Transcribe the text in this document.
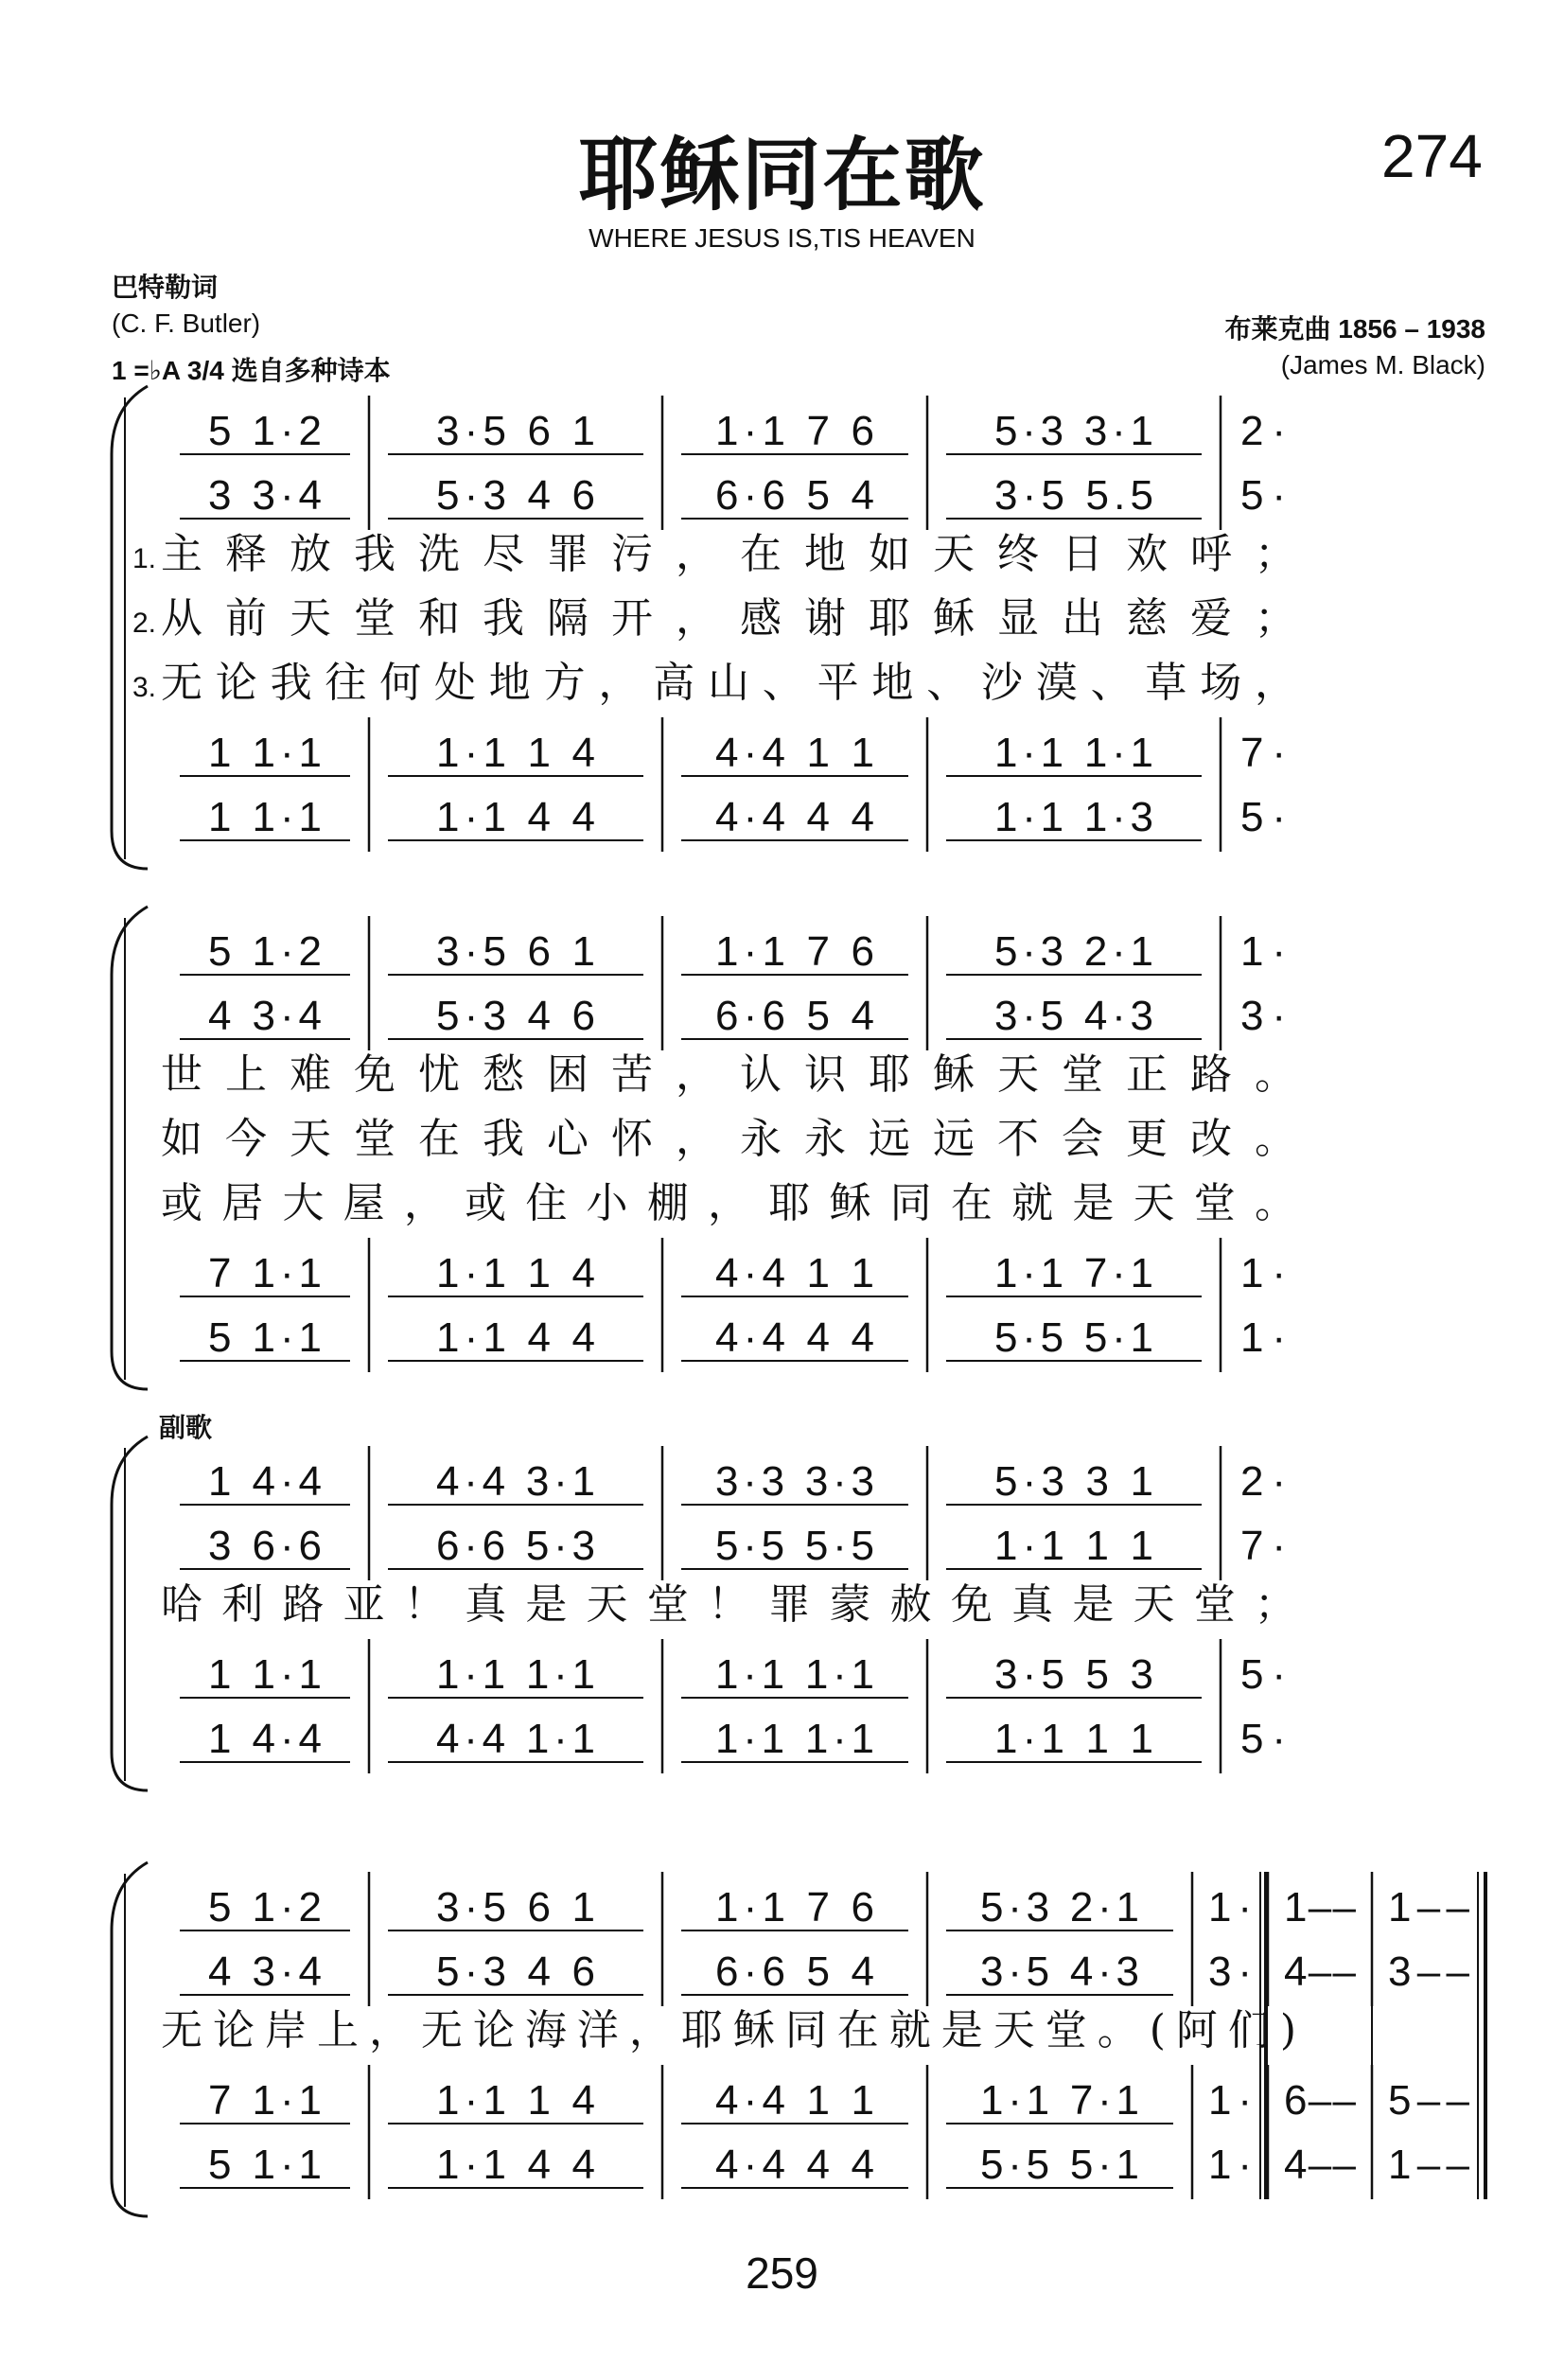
耶稣同在歌	274
WHERE JESUS IS,TIS HEAVEN
巴特勒词
(C. F. Butler)
1 =♭A 3/4 选自多种诗本
布莱克曲 1856 – 1938
(James M. Black)
5 1·2	3·5 6 1	1·1 7 6	5·3 3·1 2·
3 3·4	5·3 4 6	6·6 5 4	3·5 5.5 5·
1 1·1	1·1 1 4	4·4 1 1	1·1 1·1 7·
1 1·1	1·1 4 4	4·4 4 4	1·1 1·3 5·
1. 主释放我洗尽罪污，在地如天终日欢呼；
2. 从前天堂和我隔开，感谢耶稣显出慈爱；
3. 无论我往何处地方，高山、平地、沙漠、草场，
5 1·2	3·5 6 1	1·1 7 6	5·3 2·1 1·
4 3·4	5·3 4 6	6·6 5 4	3·5 4·3 3·
7 1·1	1·1 1 4	4·4 1 1	1·1 7·1 1·
5 1·1	1·1 4 4	4·4 4 4	5·5 5·1 1·
世上难免忧愁困苦，认识耶稣天堂正路。
如今天堂在我心怀，永永远远不会更改。
或居大屋，或住小棚，耶稣同在就是天堂。
副歌
1 4·4	4·4 3·1	3·3 3·3	5·3 3 1 2·
3 6·6	6·6 5·3	5·5 5·5	1·1 1 1 7·
1 1·1	1·1 1·1	1·1 1·1	3·5 5 3 5·
1 4·4	4·4 1·1	1·1 1·1	1·1 1 1 5·
哈利路亚！真是天堂！罪蒙赦免真是天堂；
5 1·2	3·5 6 1	1·1 7 6	5·3 2·1 1· 1 – – 1 – –
4 3·4	5·3 4 6	6·6 5 4	3·5 4·3 3· 4 – – 3 – –
7 1·1	1·1 1 4	4·4 1 1	1·1 7·1 1· 6 – – 5 – –
5 1·1	1·1 4 4	4·4 4 4	5·5 5·1 1· 4 – – 1 – –
无论岸上，无论海洋，耶稣同在就是天堂。(阿们)
259
